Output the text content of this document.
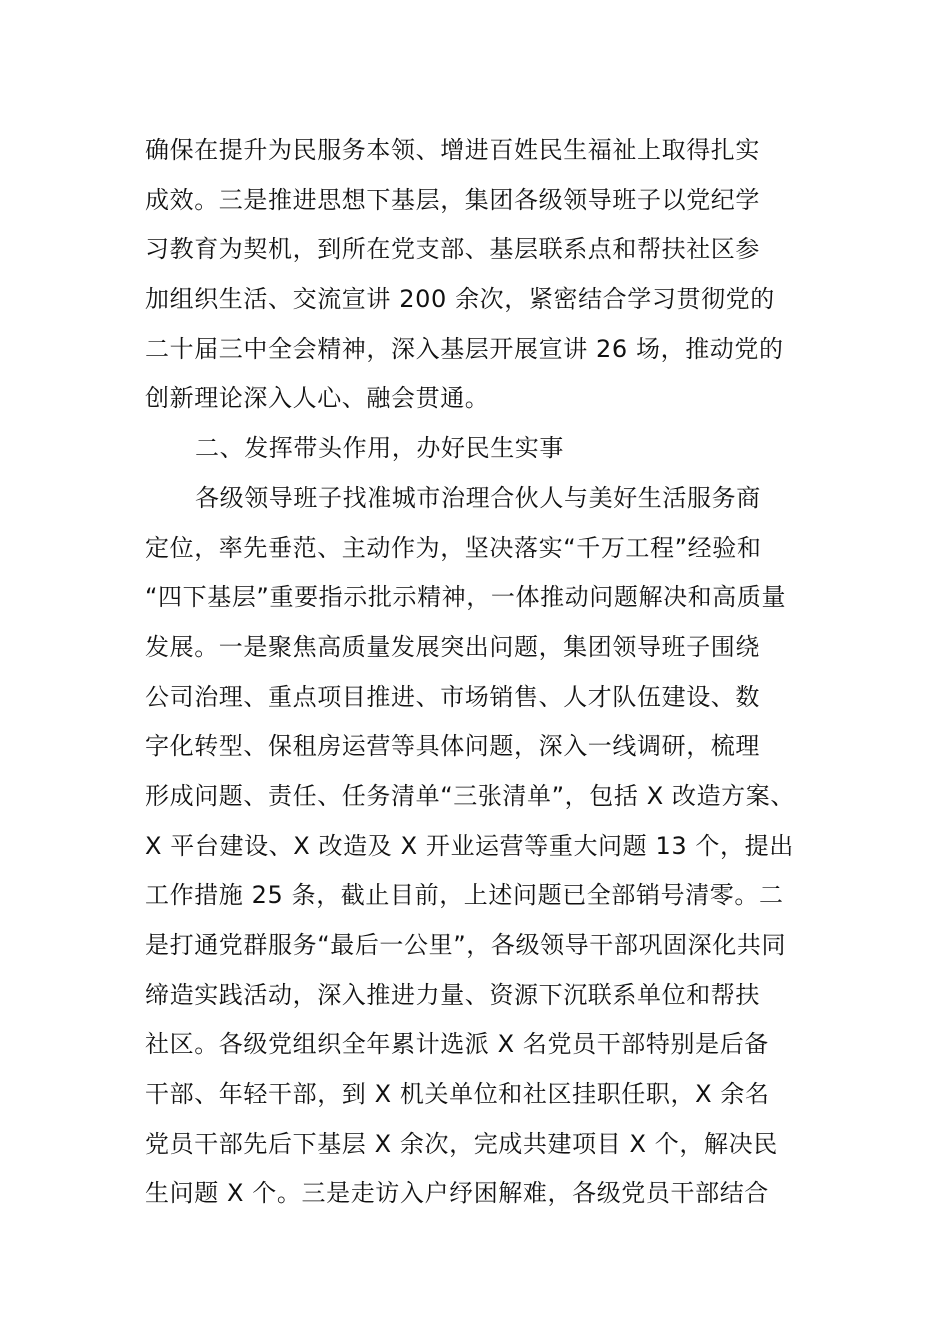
确保在提升为民服务本领、增进百姓民生福祉上取得扎实
成效。三是推进思想下基层，集团各级领导班子以党纪学
习教育为契机，到所在党支部、基层联系点和帮扶社区参
加组织生活、交流宣讲 200 余次，紧密结合学习贯彻党的
二十届三中全会精神，深入基层开展宣讲 26 场，推动党的
创新理论深入人心、融会贯通。
二、发挥带头作用，办好民生实事
各级领导班子找准城市治理合伙人与美好生活服务商
定位，率先垂范、主动作为，坚决落实“千万工程”经验和
“四下基层”重要指示批示精神，一体推动问题解决和高质量
发展。一是聚焦高质量发展突出问题，集团领导班子围绕
公司治理、重点项目推进、市场销售、人才队伍建设、数
字化转型、保租房运营等具体问题，深入一线调研，梳理
形成问题、责任、任务清单“三张清单”，包括 X 改造方案、
X 平台建设、X 改造及 X 开业运营等重大问题 13 个，提出
工作措施 25 条，截止目前，上述问题已全部销号清零。二
是打通党群服务“最后一公里”，各级领导干部巩固深化共同
缔造实践活动，深入推进力量、资源下沉联系单位和帮扶
社区。各级党组织全年累计选派 X 名党员干部特别是后备
干部、年轻干部，到 X 机关单位和社区挂职任职，X 余名
党员干部先后下基层 X 余次，完成共建项目 X 个，解决民
生问题 X 个。三是走访入户纾困解难，各级党员干部结合
